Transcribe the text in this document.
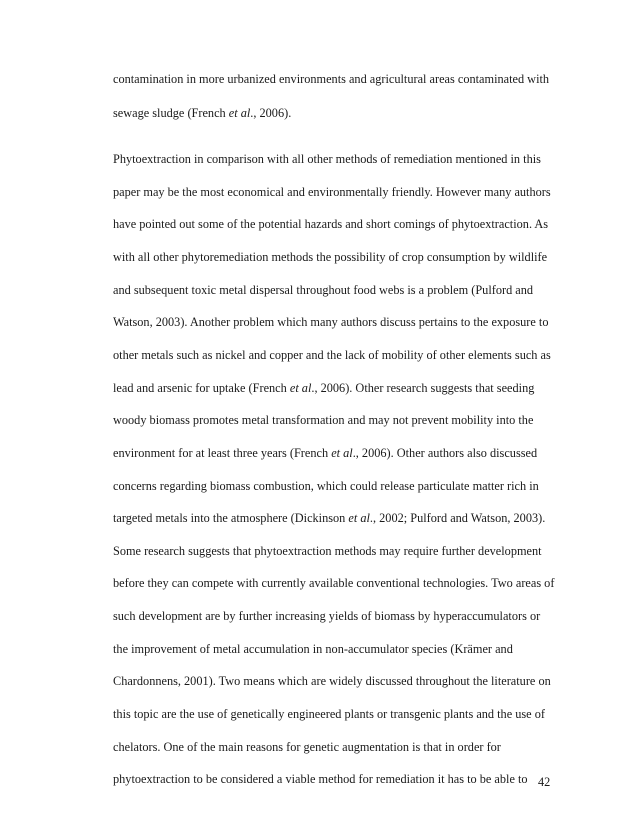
contamination in more urbanized environments and agricultural areas contaminated with
sewage sludge (French et al., 2006).
Phytoextraction in comparison with all other methods of remediation mentioned in this
paper may be the most economical and environmentally friendly. However many authors
have pointed out some of the potential hazards and short comings of phytoextraction. As
with all other phytoremediation methods the possibility of crop consumption by wildlife
and subsequent toxic metal dispersal throughout food webs is a problem (Pulford and
Watson, 2003). Another problem which many authors discuss pertains to the exposure to
other metals such as nickel and copper and the lack of mobility of other elements such as
lead and arsenic for uptake (French et al., 2006). Other research suggests that seeding
woody biomass promotes metal transformation and may not prevent mobility into the
environment for at least three years (French et al., 2006). Other authors also discussed
concerns regarding biomass combustion, which could release particulate matter rich in
targeted metals into the atmosphere (Dickinson et al., 2002; Pulford and Watson, 2003).
Some research suggests that phytoextraction methods may require further development
before they can compete with currently available conventional technologies. Two areas of
such development are by further increasing yields of biomass by hyperaccumulators or
the improvement of metal accumulation in non-accumulator species (Krämer and
Chardonnens, 2001). Two means which are widely discussed throughout the literature on
this topic are the use of genetically engineered plants or transgenic plants and the use of
chelators. One of the main reasons for genetic augmentation is that in order for
phytoextraction to be considered a viable method for remediation it has to be able to 42
